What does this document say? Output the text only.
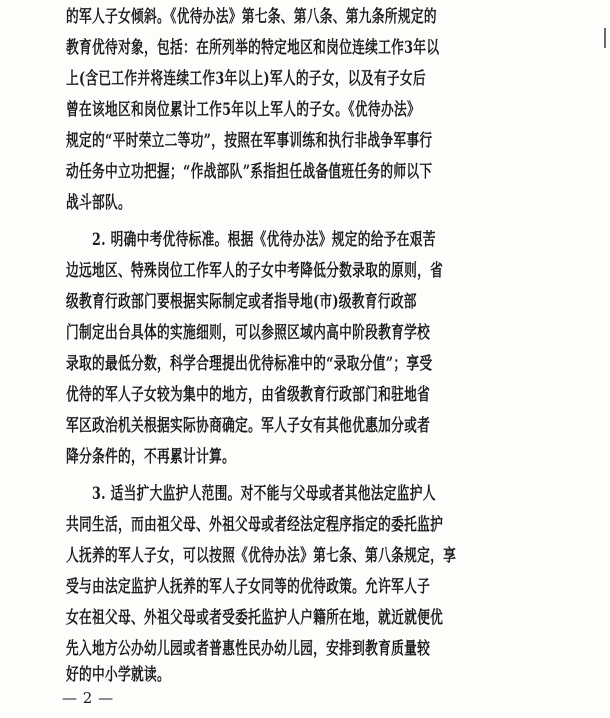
的军人子女倾斜。《优待办法》第七条、第八条、第九条所规定的
教育优待对象，包括：在所列举的特定地区和岗位连续工作3年以
上(含已工作并将连续工作3年以上)军人的子女，以及有子女后
曾在该地区和岗位累计工作5年以上军人的子女。《优待办法》
规定的“平时荣立二等功”，按照在军事训练和执行非战争军事行
动任务中立功把握；“作战部队”系指担任战备值班任务的师以下
战斗部队。
　　2. 明确中考优待标准。根据《优待办法》规定的给予在艰苦
边远地区、特殊岗位工作军人的子女中考降低分数录取的原则，省
级教育行政部门要根据实际制定或者指导地(市)级教育行政部
门制定出台具体的实施细则，可以参照区域内高中阶段教育学校
录取的最低分数，科学合理提出优待标准中的“录取分值”；享受
优待的军人子女较为集中的地方，由省级教育行政部门和驻地省
军区政治机关根据实际协商确定。军人子女有其他优惠加分或者
降分条件的，不再累计计算。
　　3. 适当扩大监护人范围。对不能与父母或者其他法定监护人
共同生活，而由祖父母、外祖父母或者经法定程序指定的委托监护
人抚养的军人子女，可以按照《优待办法》第七条、第八条规定，享
受与由法定监护人抚养的军人子女同等的优待政策。允许军人子
女在祖父母、外祖父母或者受委托监护人户籍所在地，就近就便优
先入地方公办幼儿园或者普惠性民办幼儿园，安排到教育质量较
好的中小学就读。
— 2 —
